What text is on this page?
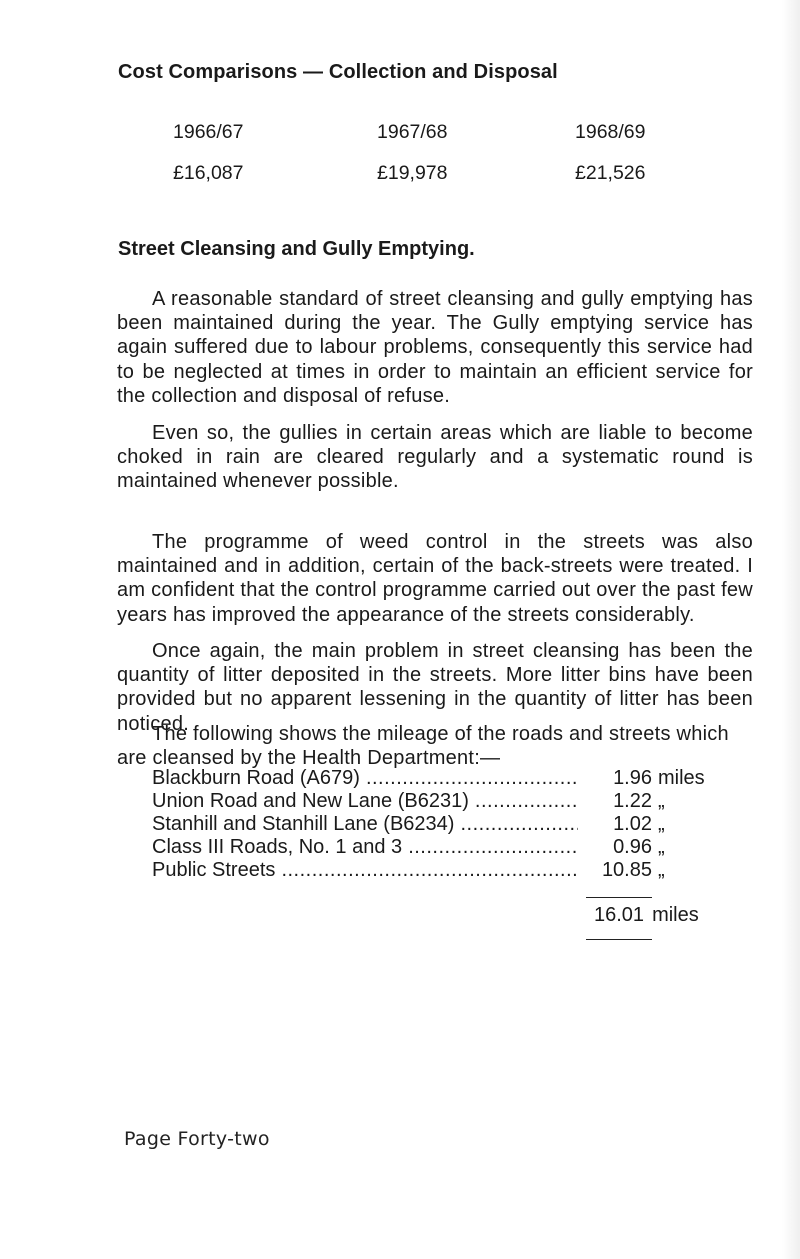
Cost Comparisons — Collection and Disposal
1966/67	1967/68	1968/69
£16,087	£19,978	£21,526
Street Cleansing and Gully Emptying.

A reasonable standard of street cleansing and gully emptying has been maintained during the year. The Gully emptying service has again suffered due to labour problems, consequently this service had to be neglected at times in order to maintain an efficient service for the collection and disposal of refuse.

Even so, the gullies in certain areas which are liable to become choked in rain are cleared regularly and a systematic round is maintained whenever possible.

The programme of weed control in the streets was also maintained and in addition, certain of the back-streets were treated. I am confident that the control programme carried out over the past few years has improved the appearance of the streets considerably.

Once again, the main problem in street cleansing has been the quantity of litter deposited in the streets. More litter bins have been provided but no apparent lessening in the quantity of litter has been noticed.

The following shows the mileage of the roads and streets which are cleansed by the Health Department:—

Blackburn Road (A679) .....	1.96 miles
Union Road and New Lane (B6231) .....	1.22 „
Stanhill and Stanhill Lane (B6234) .....	1.02 „
Class III Roads, No. 1 and 3 .....	0.96 „
Public Streets .....	10.85 „
16.01 miles
Page Forty-two
